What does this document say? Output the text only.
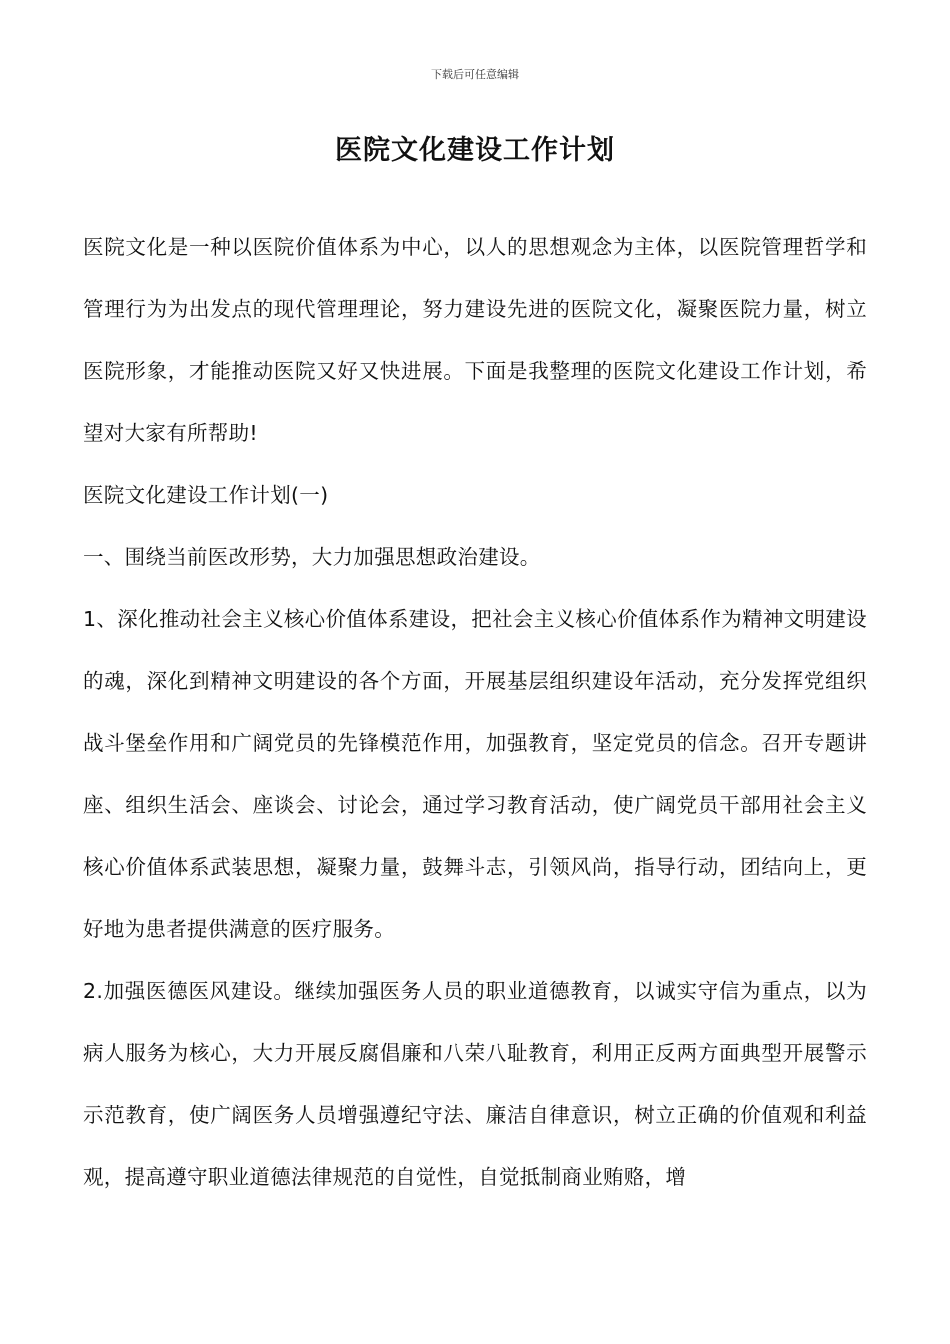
下载后可任意编辑
医院文化建设工作计划

医院文化是一种以医院价值体系为中心，以人的思想观念为主体，以医院管理哲学和管理行为为出发点的现代管理理论，努力建设先进的医院文化，凝聚医院力量，树立医院形象，才能推动医院又好又快进展。下面是我整理的医院文化建设工作计划，希望对大家有所帮助!

医院文化建设工作计划(一)

一、围绕当前医改形势，大力加强思想政治建设。

1、深化推动社会主义核心价值体系建设，把社会主义核心价值体系作为精神文明建设的魂，深化到精神文明建设的各个方面，开展基层组织建设年活动，充分发挥党组织战斗堡垒作用和广阔党员的先锋模范作用，加强教育，坚定党员的信念。召开专题讲座、组织生活会、座谈会、讨论会，通过学习教育活动，使广阔党员干部用社会主义核心价值体系武装思想，凝聚力量，鼓舞斗志，引领风尚，指导行动，团结向上，更好地为患者提供满意的医疗服务。

2.加强医德医风建设。继续加强医务人员的职业道德教育，以诚实守信为重点，以为病人服务为核心，大力开展反腐倡廉和八荣八耻教育，利用正反两方面典型开展警示示范教育，使广阔医务人员增强遵纪守法、廉洁自律意识，树立正确的价值观和利益观，提高遵守职业道德法律规范的自觉性，自觉抵制商业贿赂，增
